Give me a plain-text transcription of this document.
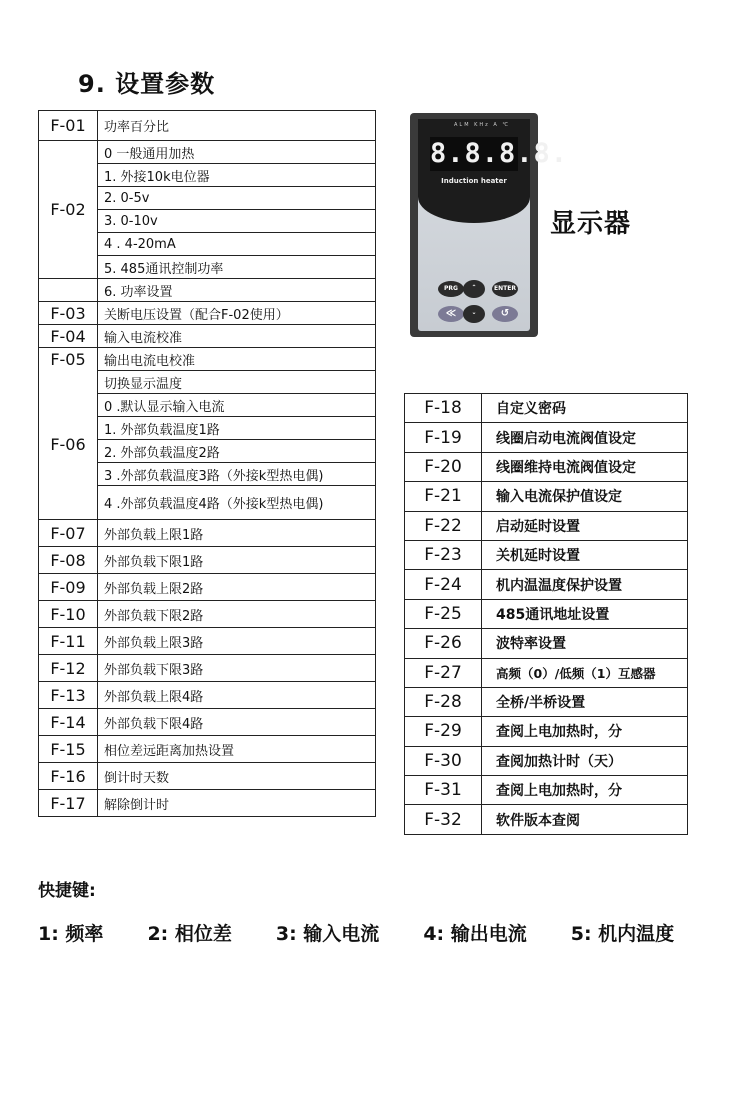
9. 设置参数
F-01	功率百分比
F-02	0 一般通用加热
	1. 外接10k电位器
	2. 0-5v
	3. 0-10v
	4 . 4-20mA
	5. 485通讯控制功率
	6. 功率设置
F-03	关断电压设置（配合F-02使用）
F-04	输入电流校准
F-05	输出电流电校准
F-06	切换显示温度
	0 .默认显示输入电流
	1. 外部负载温度1路
	2. 外部负载温度2路
	3 .外部负载温度3路（外接k型热电偶)
	4 .外部负载温度4路（外接k型热电偶)
F-07	外部负载上限1路
F-08	外部负载下限1路
F-09	外部负载上限2路
F-10	外部负载下限2路
F-11	外部负载上限3路
F-12	外部负载下限3路
F-13	外部负载上限4路
F-14	外部负载下限4路
F-15	相位差远距离加热设置
F-16	倒计时天数
F-17	解除倒计时
ALM KHz A ℃
8.8.8.8.
Induction heater
PRG	⌃	ENTER
≪	⌄	↺
显示器
F-18	自定义密码
F-19	线圈启动电流阀值设定
F-20	线圈维持电流阀值设定
F-21	输入电流保护值设定
F-22	启动延时设置
F-23	关机延时设置
F-24	机内温温度保护设置
F-25	485通讯地址设置
F-26	波特率设置
F-27	高频（0）/低频（1）互感器
F-28	全桥/半桥设置
F-29	查阅上电加热时，分
F-30	查阅加热计时（天）
F-31	查阅上电加热时，分
F-32	软件版本查阅
快捷键:
1: 频率 2: 相位差 3: 输入电流 4: 输出电流 5: 机内温度
